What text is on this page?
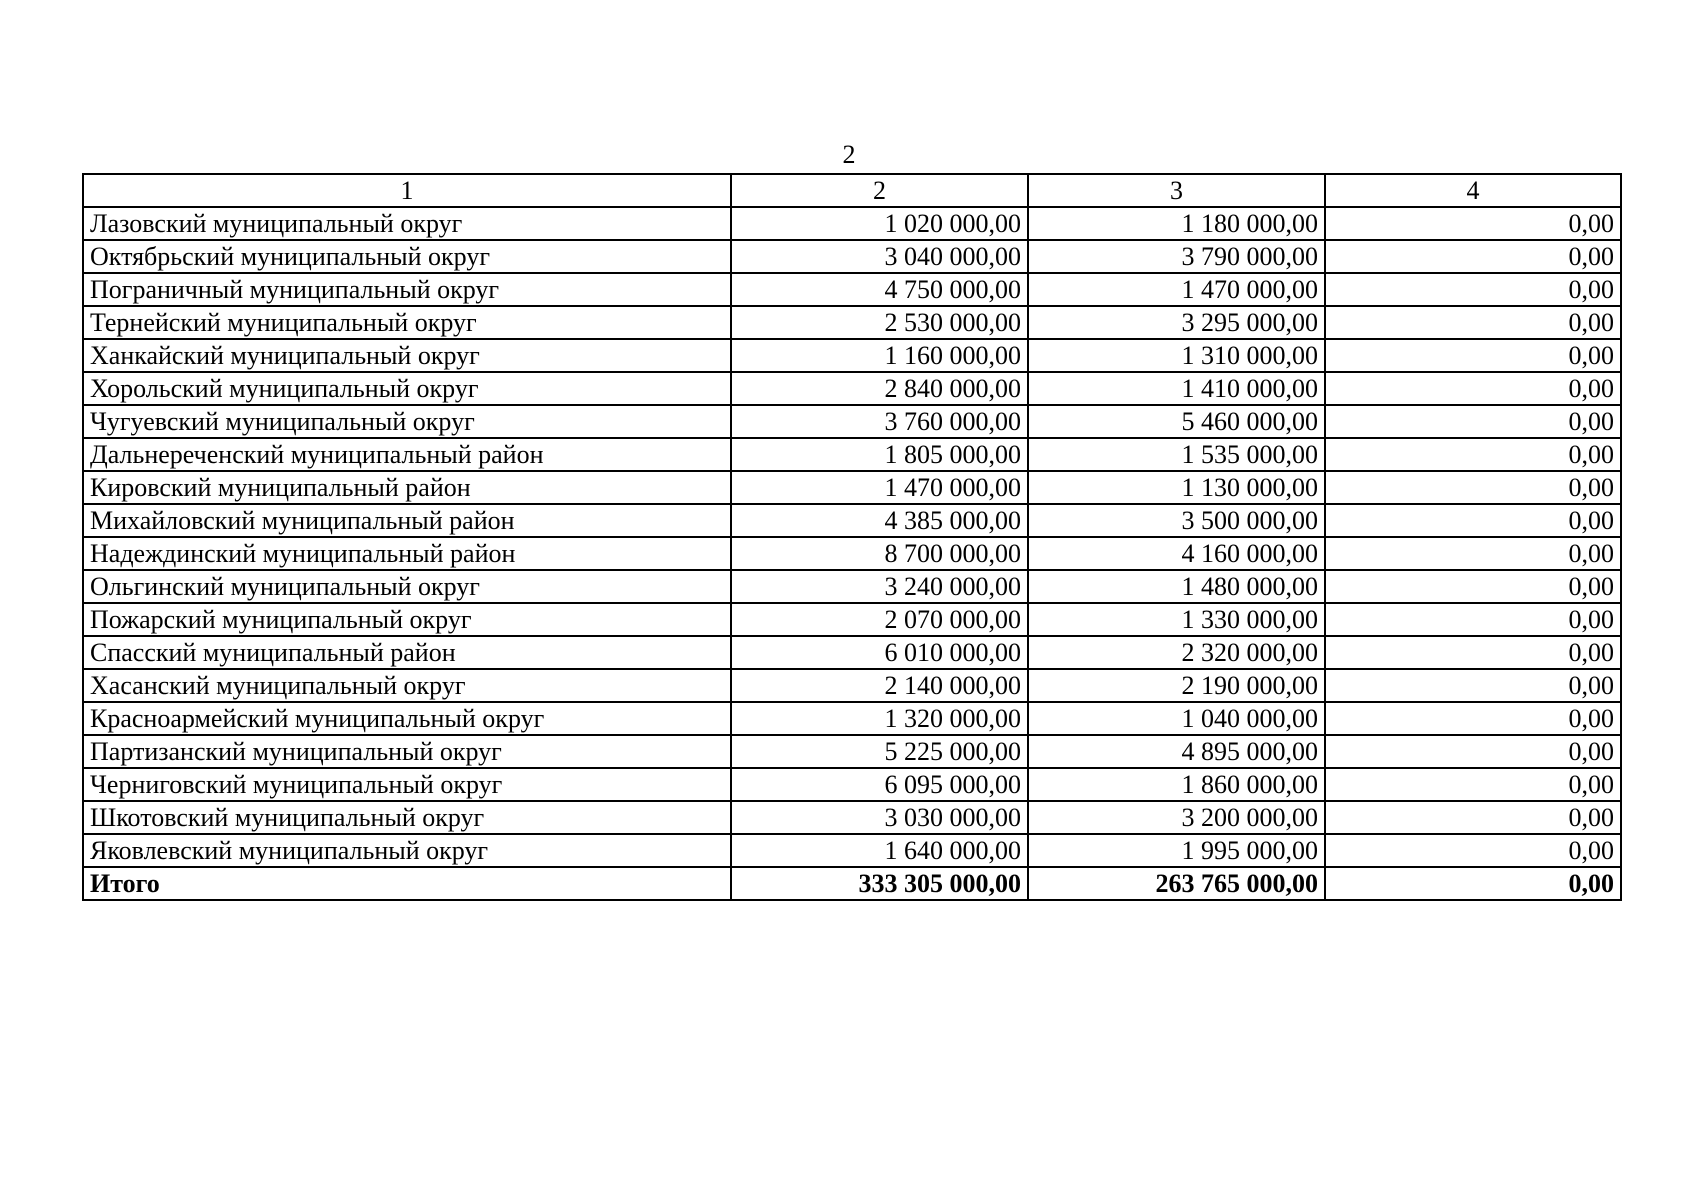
2
1	2	3	4
Лазовский муниципальный округ	1 020 000,00	1 180 000,00	0,00
Октябрьский муниципальный округ	3 040 000,00	3 790 000,00	0,00
Пограничный муниципальный округ	4 750 000,00	1 470 000,00	0,00
Тернейский муниципальный округ	2 530 000,00	3 295 000,00	0,00
Ханкайский муниципальный округ	1 160 000,00	1 310 000,00	0,00
Хорольский муниципальный округ	2 840 000,00	1 410 000,00	0,00
Чугуевский муниципальный округ	3 760 000,00	5 460 000,00	0,00
Дальнереченский муниципальный район	1 805 000,00	1 535 000,00	0,00
Кировский муниципальный район	1 470 000,00	1 130 000,00	0,00
Михайловский муниципальный район	4 385 000,00	3 500 000,00	0,00
Надеждинский муниципальный район	8 700 000,00	4 160 000,00	0,00
Ольгинский муниципальный округ	3 240 000,00	1 480 000,00	0,00
Пожарский муниципальный округ	2 070 000,00	1 330 000,00	0,00
Спасский муниципальный район	6 010 000,00	2 320 000,00	0,00
Хасанский муниципальный округ	2 140 000,00	2 190 000,00	0,00
Красноармейский муниципальный округ	1 320 000,00	1 040 000,00	0,00
Партизанский муниципальный округ	5 225 000,00	4 895 000,00	0,00
Черниговский муниципальный округ	6 095 000,00	1 860 000,00	0,00
Шкотовский муниципальный округ	3 030 000,00	3 200 000,00	0,00
Яковлевский муниципальный округ	1 640 000,00	1 995 000,00	0,00
Итого	333 305 000,00	263 765 000,00	0,00
